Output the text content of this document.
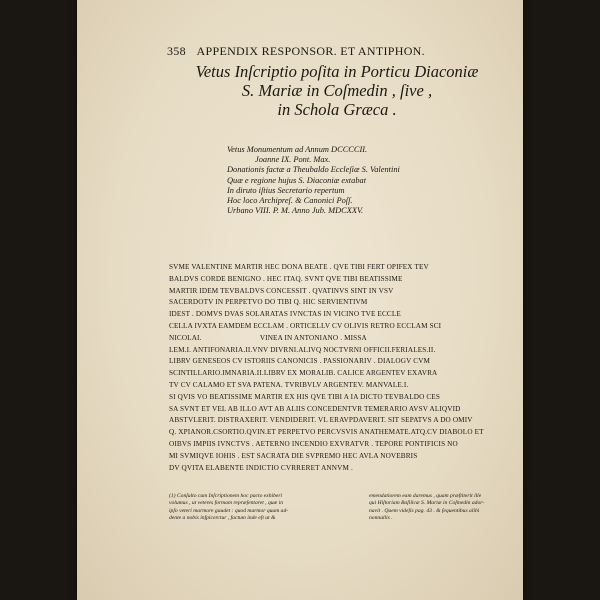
358 APPENDIX RESPONSOR. ET ANTIPHON.
Vetus Inſcriptio poſita in Porticu Diaconiæ
S. Mariæ in Coſmedin , ſive ,
in Schola Græca .
Vetus Monumentum ad Annum DCCCCII.
Joanne IX. Pont. Max.
Donationis factæ a Theubaldo Eccleſiæ S. Valentini
Quæ e regione hujus S. Diaconiæ extabat
In diruto iſtius Secretario repertum
Hoc loco Archipreſ. & Canonici Poſſ.
Urbano VIII. P. M. Anno Jub. MDCXXV.
SVME VALENTINE MARTIR HEC DONA BEATE . QVE TIBI FERT OPIFEX TEV
BALDVS CORDE BENIGNO . HEC ITAQ. SVNT QVE TIBI BEATISSIME
MARTIR IDEM TEVBALDVS CONCESSIT . QVATINVS SINT IN VSV
SACERDOTV IN PERPETVO DO TIBI Q. HIC SERVIENTIVM
IDEST . DOMVS DVAS SOLARATAS IVNCTAS IN VICINO TVE ECCLE
CELLA IVXTA EAMDEM ECCLAM . ORTICELLV CV OLIVIS RETRO ECCLAM SCI
NICOLAI.                              VINEA IN ANTONIANO . MISSA
LEM.I. ANTIFONARIA.II.VNV DIVRNI.ALIVQ NOCTVRNI OFFICII.FERIALES.II.
LIBRV GENESEOS CV ISTORIIS CANONICIS . PASSIONARIV . DIALOGV CVM
SCINTILLARIO.IMNARIA.II.LIBRV EX MORALIB. CALICE ARGENTEV EXAVRA
TV CV CALAMO ET SVA PATENA. TVRIBVLV ARGENTEV. MANVALE.I.
SI QVIS VO BEATISSIME MARTIR EX HIS QVE TIBI A IA DICTO TEVBALDO CES
SA SVNT ET VEL AB ILLO AVT AB ALIIS CONCEDENTVR TEMERARIO AVSV ALIQVID
ABSTVLERIT. DISTRAXERIT. VENDIDERIT. VL ERAVPDAVERIT. SIT SEPATVS A DO OMIV
Q. XPIANOR.CSORTIO.QVIN.ET PERPETVO PERCVSVIS ANATHEMATE.ATQ.CV DIABOLO ET
OIBVS IMPIIS IVNCTVS . AETERNO INCENDIO EXVRATVR . TEPORE PONTIFICIS NO
MI SVMIQVE IOHIS . EST SACRATA DIE SVPREMO HEC AVLA NOVEBRIS
DV QVITA ELABENTE INDICTIO CVRRERET ANNVM .
INDEX
(1) Conſulto cum Inſcriptionem hoc pacto exhiberi
volumus , ut veteres formam repræſentaret , quæ in
ipſo veteri marmore gaudet : quod marmor quum ad-
dente a nobis inſpicerctur , factum inde eſt ut &
emendatiorem eam daremus , quam præſtiterit ille
qui Hiſtoriam Baſilicæ S. Mariæ in Coſmedin ador-
navit . Quem videſis pag. 43 . & ſequentibus alibi
nonnullis .
